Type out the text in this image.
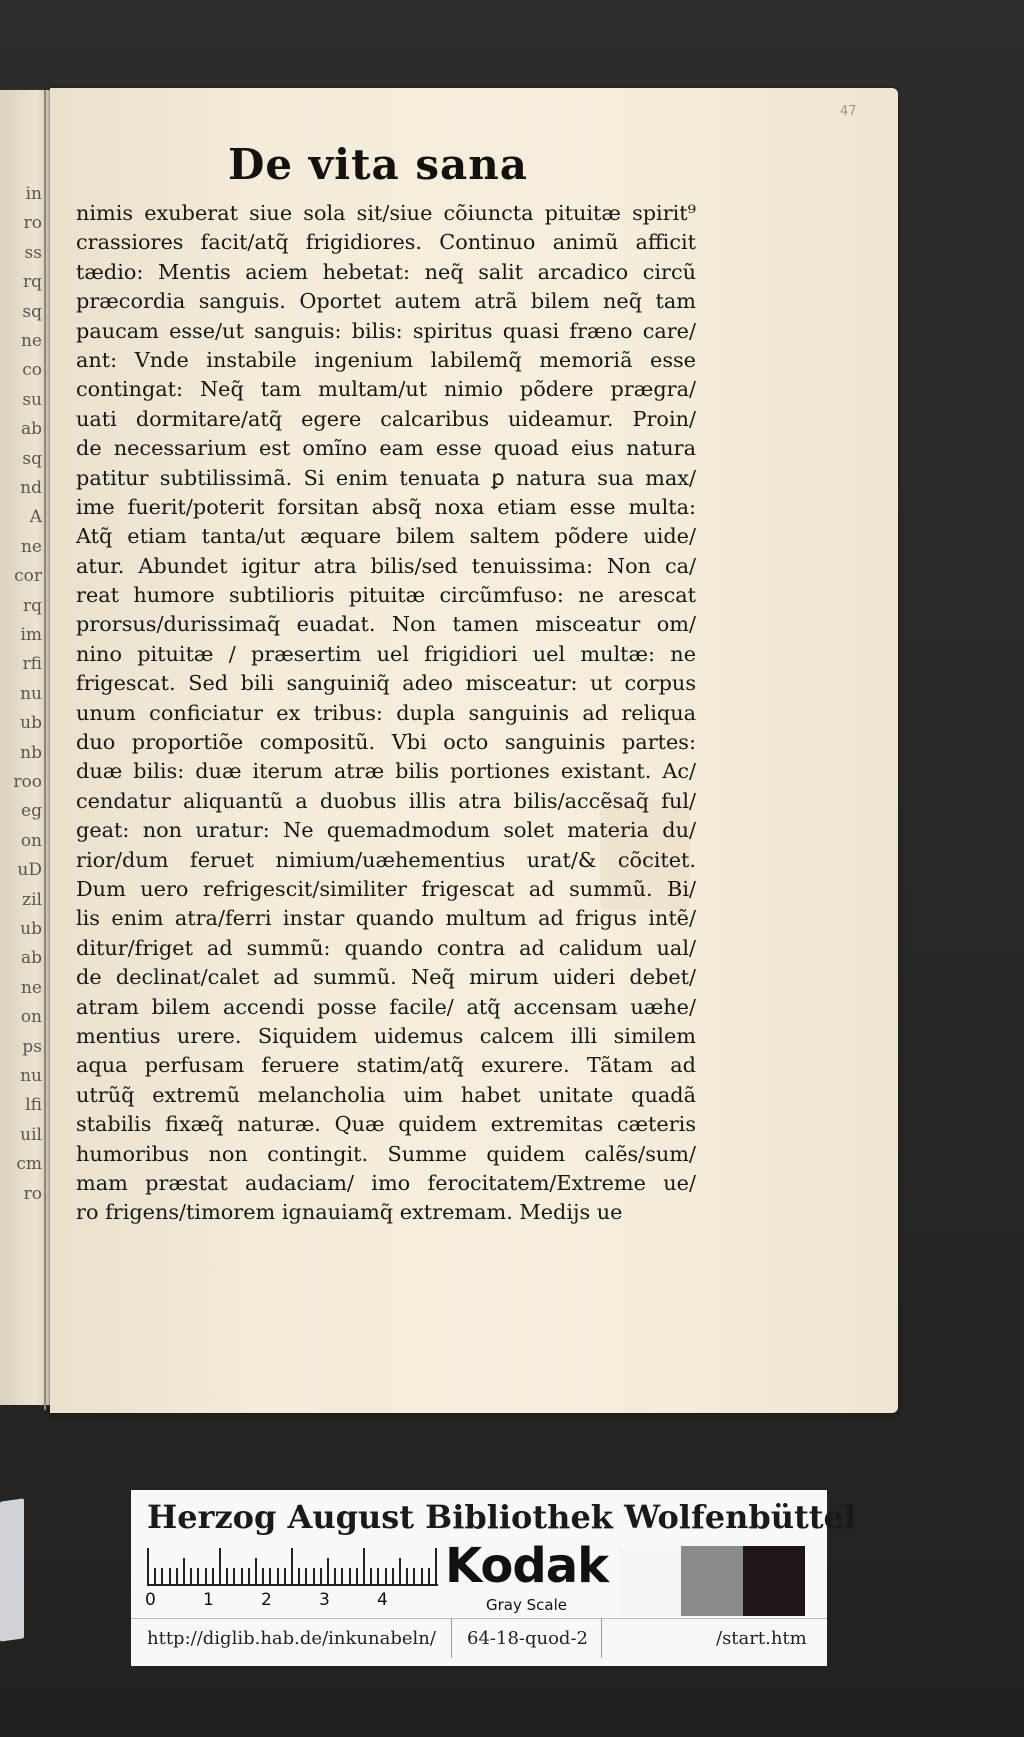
in
ro
ss
rq
sq
ne
co
su
ab
sq
nd
A
ne
cor
rq
im
rfi
nu
ub
nb
roo
eg
on
uD
zil
ub
ab
ne
on
ps
nu
lfi
uil
cm
ro
47
De vita sana
nimis exuberat siue sola sit/siue cõiuncta pituitæ spirit⁹
crassiores facit/atq̃ frigidiores. Continuo animũ afficit
tædio: Mentis aciem hebetat: neq̃ salit arcadico circũ
præcordia sanguis. Oportet autem atrã bilem neq̃ tam
paucam esse/ut sanguis: bilis: spiritus quasi fræno care/
ant: Vnde instabile ingenium labilemq̃ memoriã esse
contingat: Neq̃ tam multam/ut nimio põdere prægra/
uati dormitare/atq̃ egere calcaribus uideamur. Proin/
de necessarium est omĩno eam esse quoad eius natura
patitur subtilissimã. Si enim tenuata ꝑ natura sua max/
ime fuerit/poterit forsitan absq̃ noxa etiam esse multa:
Atq̃ etiam tanta/ut æquare bilem saltem põdere uide/
atur. Abundet igitur atra bilis/sed tenuissima: Non ca/
reat humore subtilioris pituitæ circũmfuso: ne arescat
prorsus/durissimaq̃ euadat. Non tamen misceatur om/
nino pituitæ / præsertim uel frigidiori uel multæ: ne
frigescat. Sed bili sanguiniq̃ adeo misceatur: ut corpus
unum conficiatur ex tribus: dupla sanguinis ad reliqua
duo proportiõe compositũ. Vbi octo sanguinis partes:
duæ bilis: duæ iterum atræ bilis portiones existant. Ac/
cendatur aliquantũ a duobus illis atra bilis/accẽsaq̃ ful/
geat: non uratur: Ne quemadmodum solet materia du/
rior/dum feruet nimium/uæhementius urat/& cõcitet.
Dum uero refrigescit/similiter frigescat ad summũ. Bi/
lis enim atra/ferri instar quando multum ad frigus intẽ/
ditur/friget ad summũ: quando contra ad calidum ual/
de declinat/calet ad summũ. Neq̃ mirum uideri debet/
atram bilem accendi posse facile/ atq̃ accensam uæhe/
mentius urere. Siquidem uidemus calcem illi similem
aqua perfusam feruere statim/atq̃ exurere. Tãtam ad
utrũq̃ extremũ melancholia uim habet unitate quadã
stabilis fixæq̃ naturæ. Quæ quidem extremitas cæteris
humoribus non contingit. Summe quidem calẽs/sum/
mam præstat audaciam/ imo ferocitatem/Extreme ue/
ro frigens/timorem ignauiamq̃ extremam. Medijs ue
Herzog August Bibliothek Wolfenbüttel
0	1	2	3	4
Kodak
Gray Scale
http://diglib.hab.de/inkunabeln/ 64-18-quod-2	/start.htm
